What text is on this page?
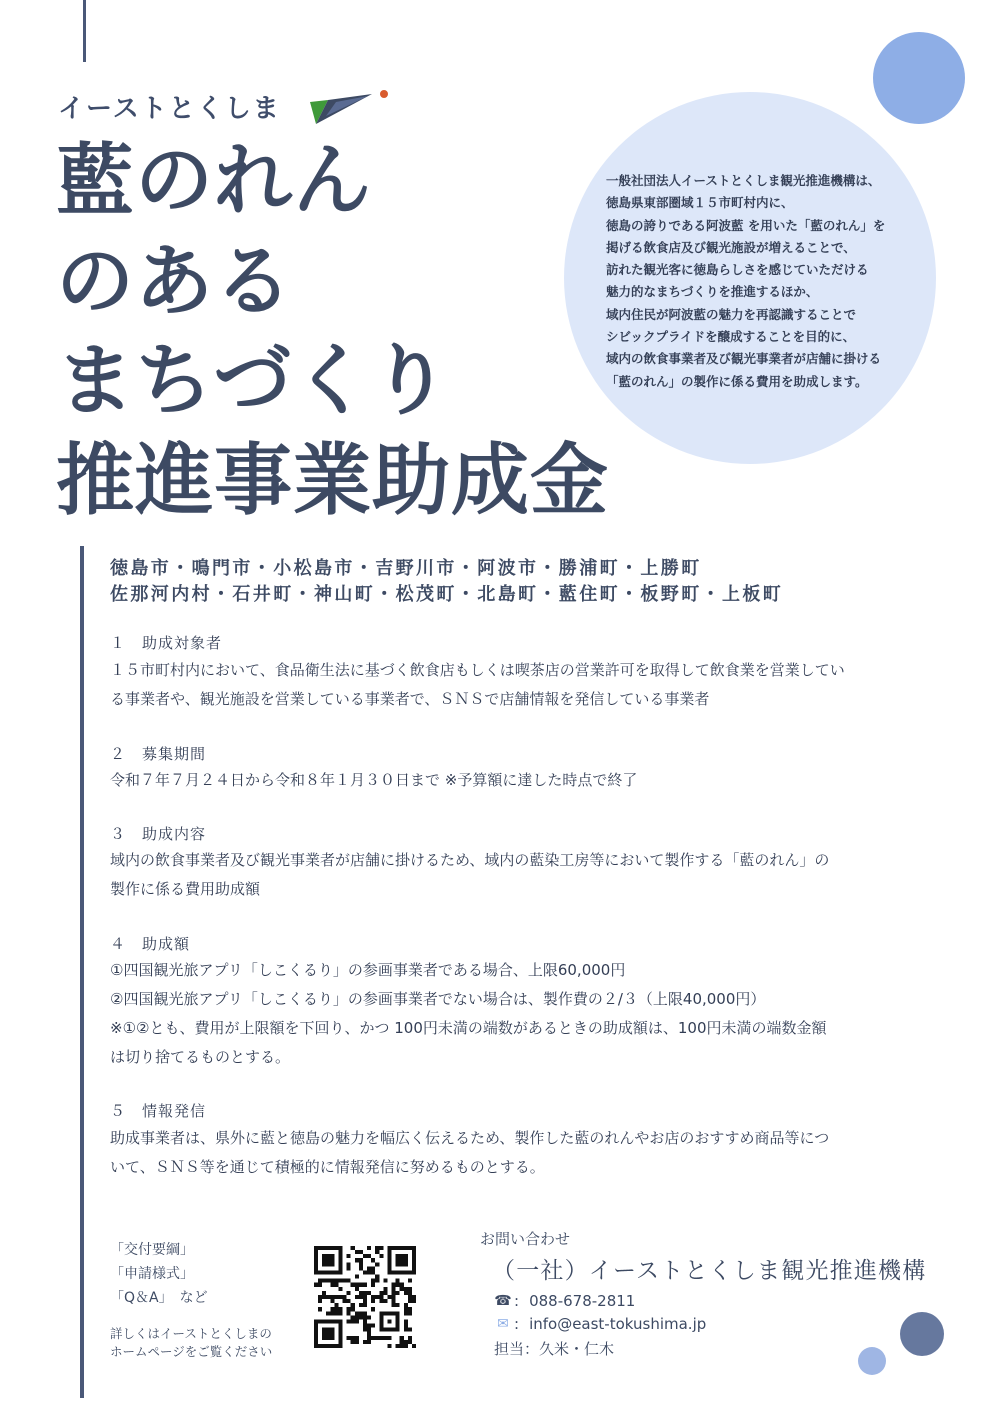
イーストとくしま
藍のれん
のある
まちづくり
推進事業助成金
一般社団法人イーストとくしま観光推進機構は、
徳島県東部圏域１５市町村内に、
徳島の誇りである阿波藍 を用いた「藍のれん」を
掲げる飲食店及び観光施設が増えることで、
訪れた観光客に徳島らしさを感じていただける
魅力的なまちづくりを推進するほか、
域内住民が阿波藍の魅力を再認識することで
シビックプライドを醸成することを目的に、
域内の飲食事業者及び観光事業者が店舗に掛ける
「藍のれん」の製作に係る費用を助成します。
徳島市・鳴門市・小松島市・吉野川市・阿波市・勝浦町・上勝町
佐那河内村・石井町・神山町・松茂町・北島町・藍住町・板野町・上板町
１　助成対象者
１５市町村内において、食品衛生法に基づく飲食店もしくは喫茶店の営業許可を取得して飲食業を営業してい
る事業者や、観光施設を営業している事業者で、ＳＮＳで店舗情報を発信している事業者
２　募集期間
令和７年７月２４日から令和８年１月３０日まで ※予算額に達した時点で終了
３　助成内容
域内の飲食事業者及び観光事業者が店舗に掛けるため、域内の藍染工房等において製作する「藍のれん」の
製作に係る費用助成額
４　助成額
①四国観光旅アプリ「しこくるり」の参画事業者である場合、上限60,000円
②四国観光旅アプリ「しこくるり」の参画事業者でない場合は、製作費の２/３（上限40,000円）
※①②とも、費用が上限額を下回り、かつ 100円未満の端数があるときの助成額は、100円未満の端数金額
は切り捨てるものとする。
５　情報発信
助成事業者は、県外に藍と徳島の魅力を幅広く伝えるため、製作した藍のれんやお店のおすすめ商品等につ
いて、ＳＮＳ等を通じて積極的に情報発信に努めるものとする。
「交付要綱」
「申請様式」
「Q＆A」　など
詳しくはイーストとくしまの
ホームページをご覧ください
お問い合わせ
（一社）イーストとくしま観光推進機構
☎ : 088-678-2811
✉ : info@east-tokushima.jp
担当：久米・仁木
